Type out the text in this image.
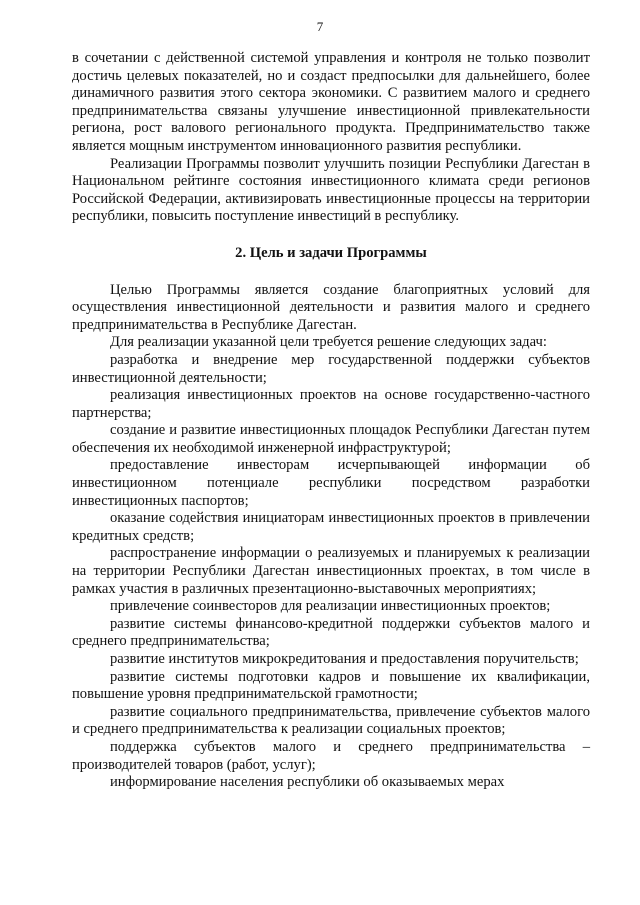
7

в сочетании с действенной системой управления и контроля не только позволит достичь целевых показателей, но и создаст предпосылки для дальнейшего, более динамичного развития этого сектора экономики. С развитием малого и среднего предпринимательства связаны улучшение инвестиционной привлекательности региона, рост валового регионального продукта. Предпринимательство также является мощным инструментом инновационного развития республики.

Реализации Программы позволит улучшить позиции Республики Дагестан в Национальном рейтинге состояния инвестиционного климата среди регионов Российской Федерации, активизировать инвестиционные процессы на территории республики, повысить поступление инвестиций в республику.

2. Цель и задачи Программы

Целью Программы является создание благоприятных условий для осуществления инвестиционной деятельности и развития малого и среднего предпринимательства в Республике Дагестан.

Для реализации указанной цели требуется решение следующих задач:

разработка и внедрение мер государственной поддержки субъектов инвестиционной деятельности;

реализация инвестиционных проектов на основе государственно-частного партнерства;

создание и развитие инвестиционных площадок Республики Дагестан путем обеспечения их необходимой инженерной инфраструктурой;

предоставление инвесторам исчерпывающей информации об инвестиционном потенциале республики посредством разработки инвестиционных паспортов;

оказание содействия инициаторам инвестиционных проектов в привлечении кредитных средств;

распространение информации о реализуемых и планируемых к реализации на территории Республики Дагестан инвестиционных проектах, в том числе в рамках участия в различных презентационно-выставочных мероприятиях;

привлечение соинвесторов для реализации инвестиционных проектов;

развитие системы финансово-кредитной поддержки субъектов малого и среднего предпринимательства;

развитие институтов микрокредитования и предоставления поручительств;

развитие системы подготовки кадров и повышение их квалификации, повышение уровня предпринимательской грамотности;

развитие социального предпринимательства, привлечение субъектов малого и среднего предпринимательства к реализации социальных проектов;

поддержка субъектов малого и среднего предпринимательства – производителей товаров (работ, услуг);

информирование населения республики об оказываемых мерах
